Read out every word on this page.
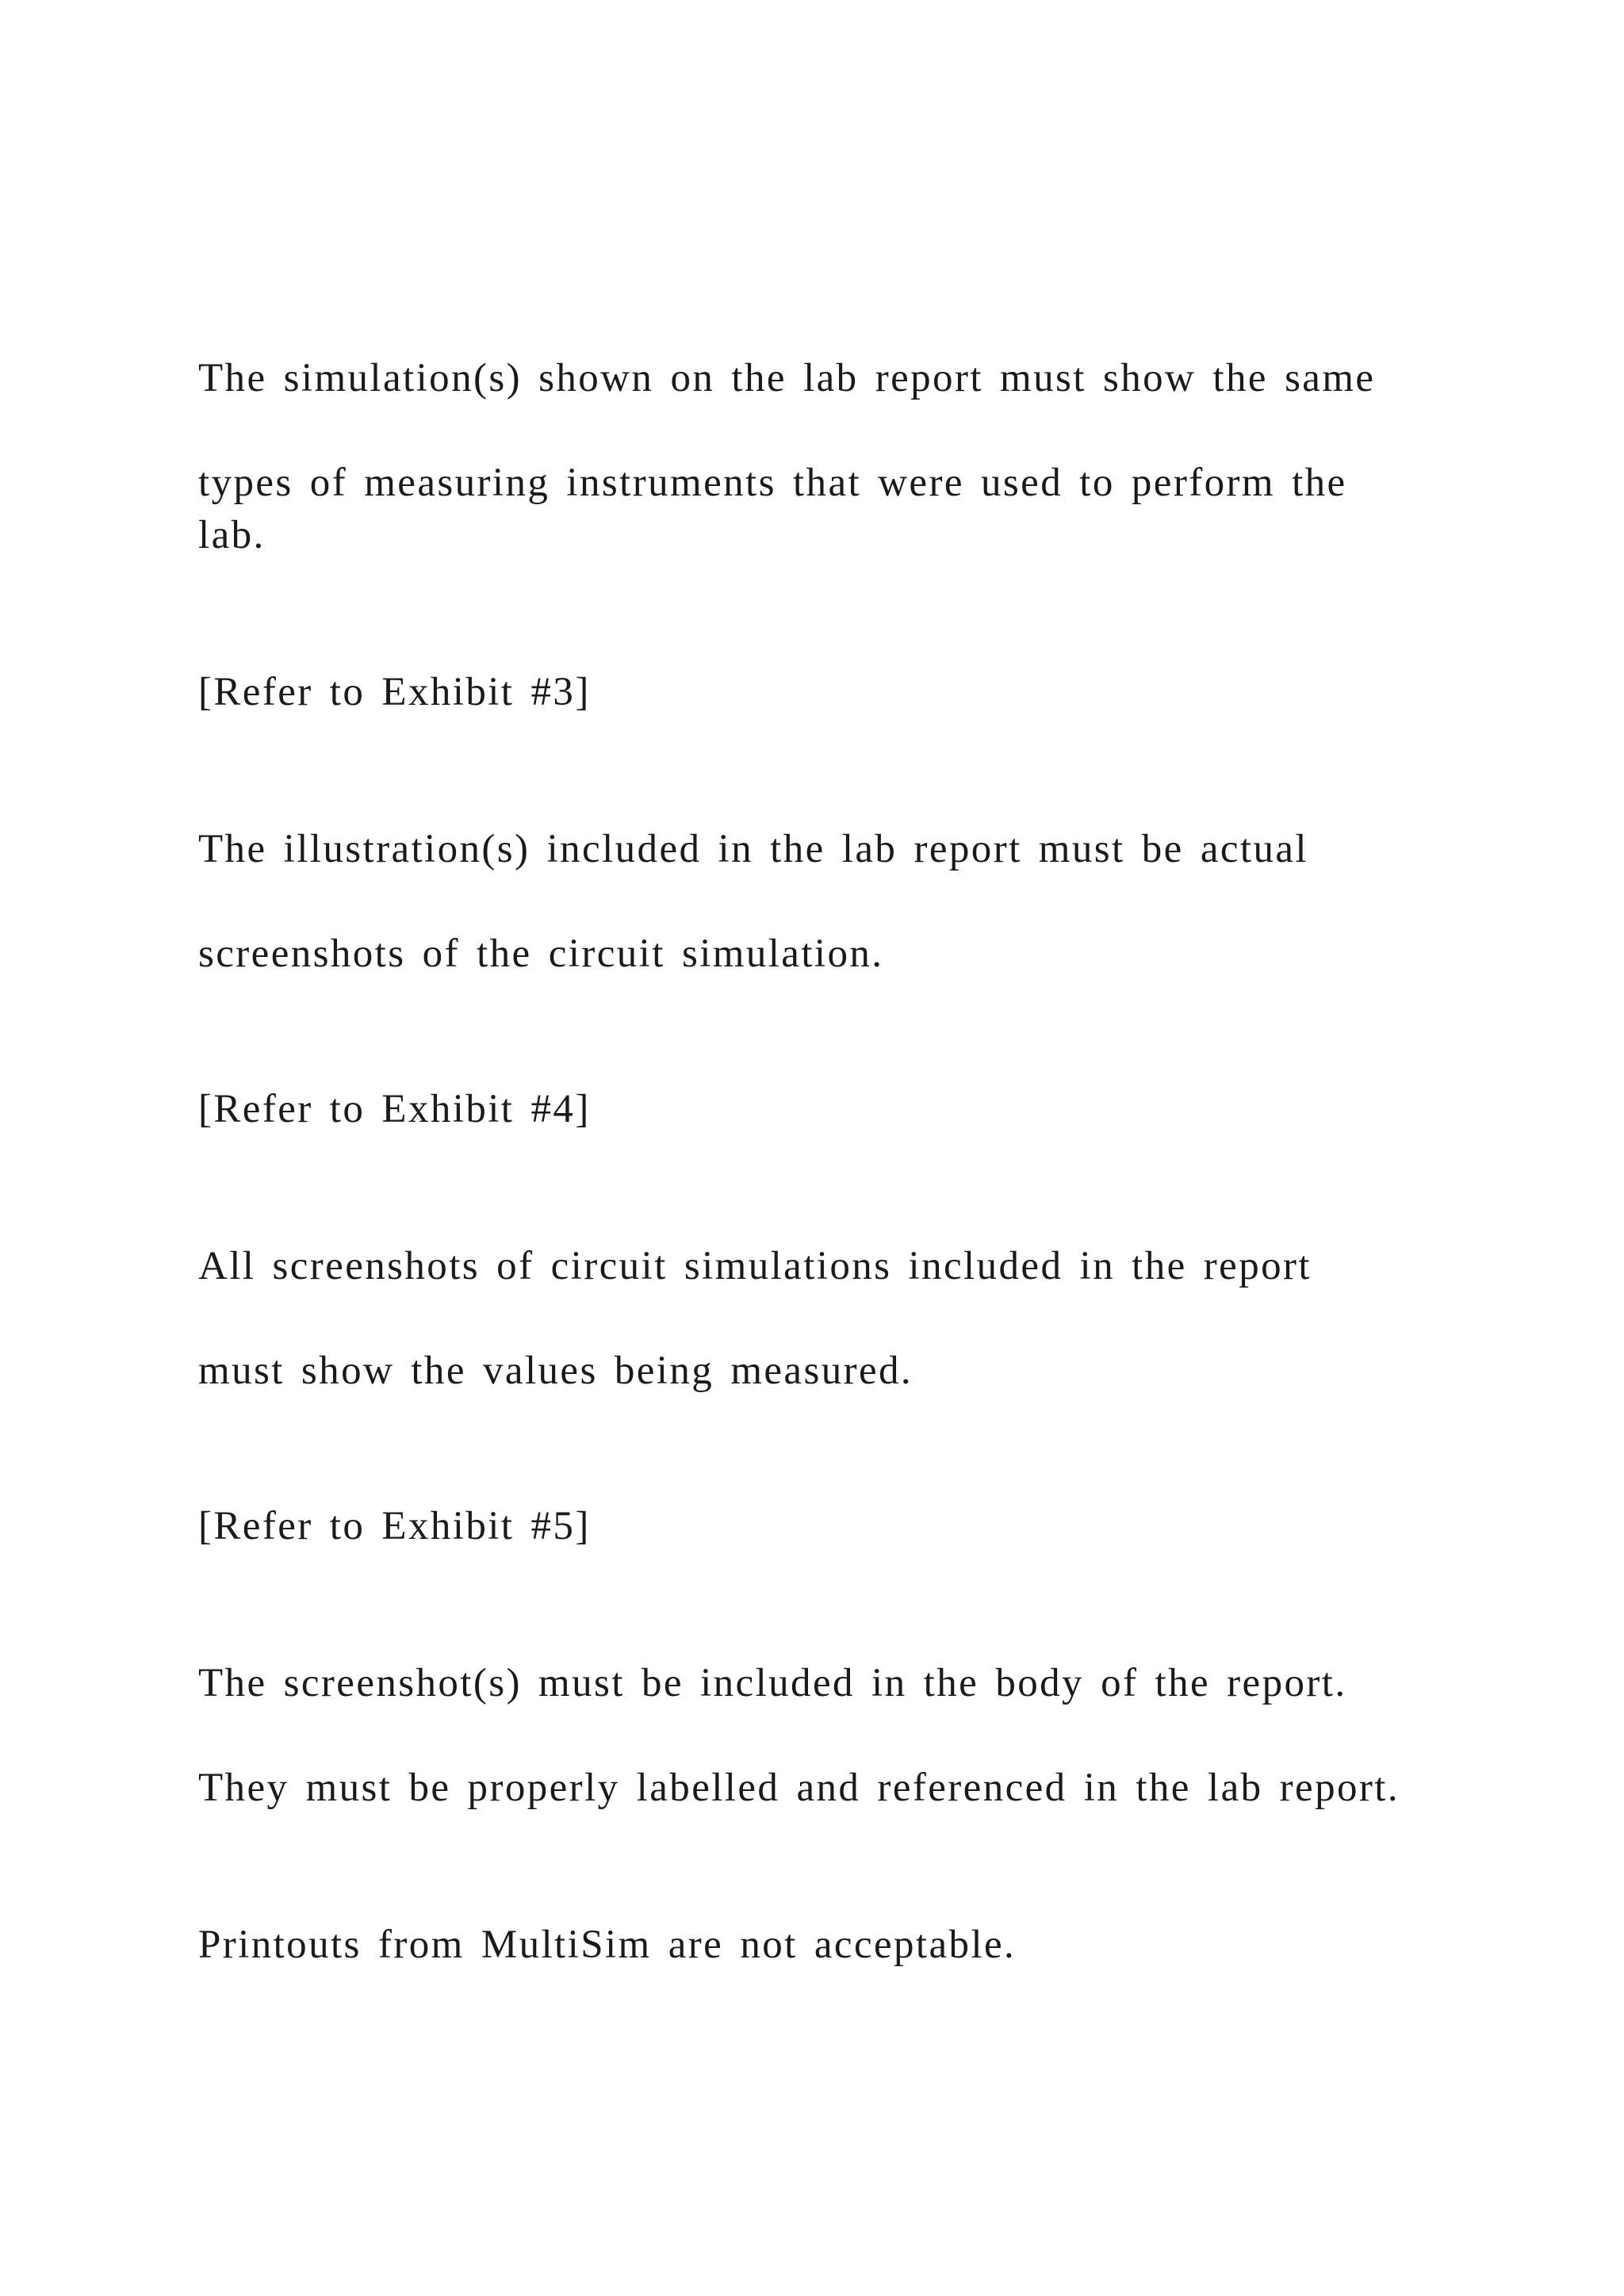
The simulation(s) shown on the lab report must show the same

types of measuring instruments that were used to perform the

lab.

[Refer to Exhibit #3]

The illustration(s) included in the lab report must be actual

screenshots of the circuit simulation.

[Refer to Exhibit #4]

All screenshots of circuit simulations included in the report

must show the values being measured.

[Refer to Exhibit #5]

The screenshot(s) must be included in the body of the report.

They must be properly labelled and referenced in the lab report.

Printouts from MultiSim are not acceptable.
